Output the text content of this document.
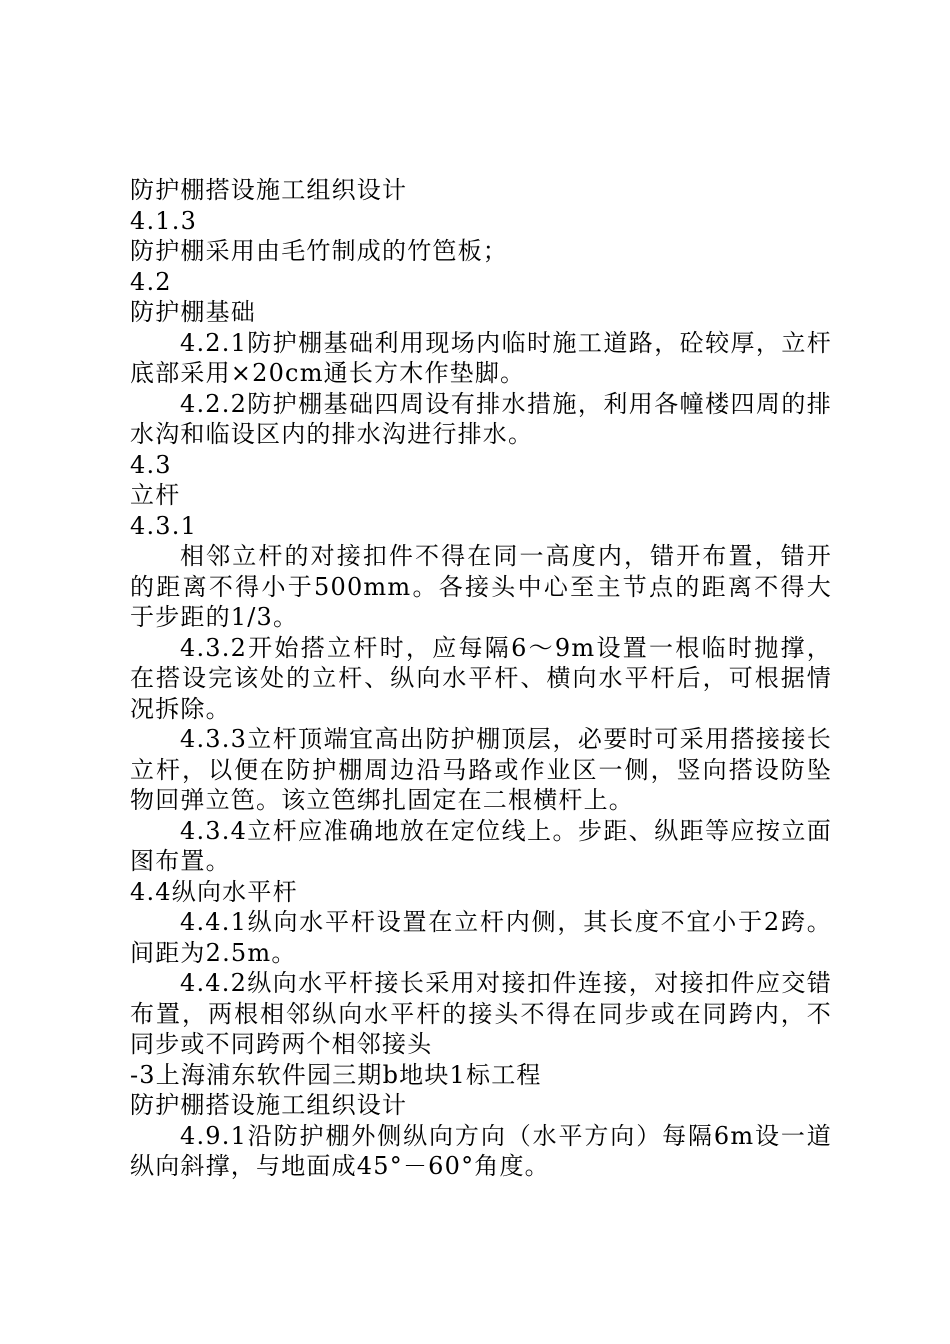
防护棚搭设施工组织设计

4.1.3

防护棚采用由毛竹制成的竹笆板；

4.2

防护棚基础

4.2.1防护棚基础利用现场内临时施工道路，砼较厚，立杆底部采用×20cm通长方木作垫脚。

4.2.2防护棚基础四周设有排水措施，利用各幢楼四周的排水沟和临设区内的排水沟进行排水。

4.3

立杆

4.3.1

相邻立杆的对接扣件不得在同一高度内，错开布置，错开的距离不得小于500mm。各接头中心至主节点的距离不得大于步距的1/3。

4.3.2开始搭立杆时，应每隔6～9m设置一根临时抛撑，在搭设完该处的立杆、纵向水平杆、横向水平杆后，可根据情况拆除。

4.3.3立杆顶端宜高出防护棚顶层，必要时可采用搭接接长立杆，以便在防护棚周边沿马路或作业区一侧，竖向搭设防坠物回弹立笆。该立笆绑扎固定在二根横杆上。

4.3.4立杆应准确地放在定位线上。步距、纵距等应按立面图布置。

4.4纵向水平杆

4.4.1纵向水平杆设置在立杆内侧，其长度不宜小于2跨。间距为2.5m。

4.4.2纵向水平杆接长采用对接扣件连接，对接扣件应交错布置，两根相邻纵向水平杆的接头不得在同步或在同跨内，不同步或不同跨两个相邻接头

-3上海浦东软件园三期b地块1标工程

防护棚搭设施工组织设计

4.9.1沿防护棚外侧纵向方向（水平方向）每隔6m设一道纵向斜撑，与地面成45°－60°角度。
